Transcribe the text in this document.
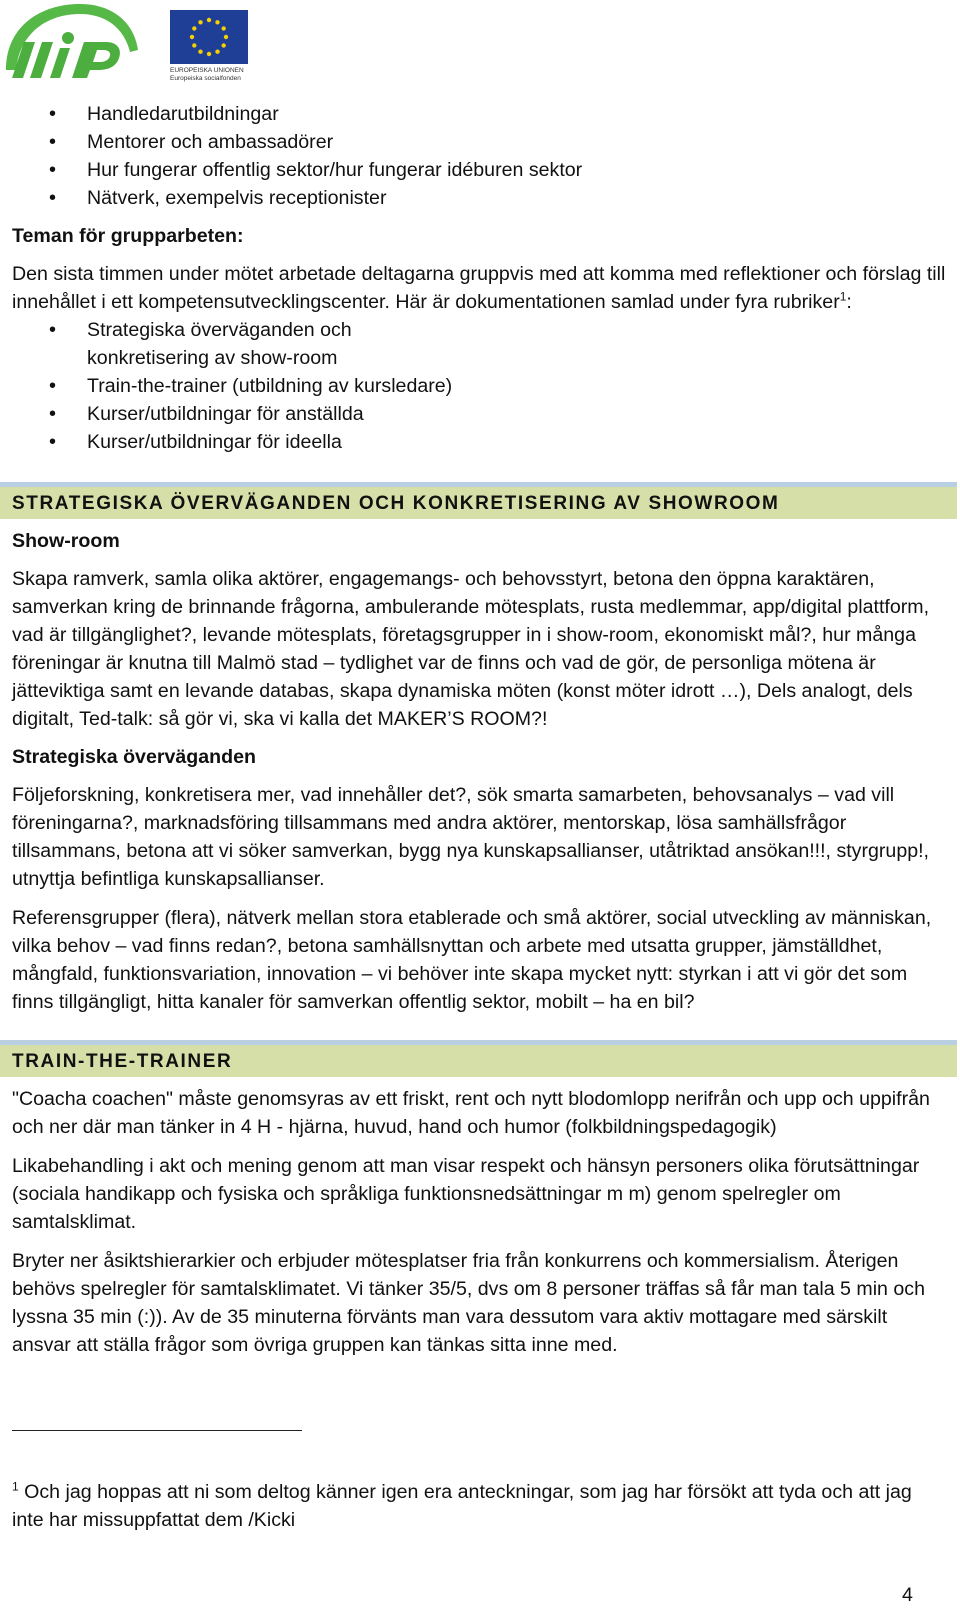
EUROPEISKA UNIONEN
Europeiska socialfonden
• Handledarutbildningar
• Mentorer och ambassadörer
• Hur fungerar offentlig sektor/hur fungerar idéburen sektor
• Nätverk, exempelvis receptionister
Teman för grupparbeten:

Den sista timmen under mötet arbetade deltagarna gruppvis med att komma med reflektioner och förslag till innehållet i ett kompetensutvecklingscenter. Här är dokumentationen samlad under fyra rubriker$^1$:

• Strategiska överväganden och
konkretisering av show-room
• Train-the-trainer (utbildning av kursledare)
• Kurser/utbildningar för anställda
• Kurser/utbildningar för ideella
STRATEGISKA ÖVERVÄGANDEN OCH KONKRETISERING AV SHOWROOM
Show-room

Skapa ramverk, samla olika aktörer, engagemangs- och behovsstyrt, betona den öppna karaktären, samverkan kring de brinnande frågorna, ambulerande mötesplats, rusta medlemmar, app/digital plattform, vad är tillgänglighet?, levande mötesplats, företagsgrupper in i show-room, ekonomiskt mål?, hur många föreningar är knutna till Malmö stad – tydlighet var de finns och vad de gör, de personliga mötena är jätteviktiga samt en levande databas, skapa dynamiska möten (konst möter idrott …), Dels analogt, dels digitalt, Ted-talk: så gör vi, ska vi kalla det MAKER’S ROOM?!

Strategiska överväganden

Följeforskning, konkretisera mer, vad innehåller det?, sök smarta samarbeten, behovsanalys – vad vill föreningarna?, marknadsföring tillsammans med andra aktörer, mentorskap, lösa samhällsfrågor tillsammans, betona att vi söker samverkan, bygg nya kunskapsallianser, utåtriktad ansökan!!!, styrgrupp!, utnyttja befintliga kunskapsallianser.

Referensgrupper (flera), nätverk mellan stora etablerade och små aktörer, social utveckling av människan, vilka behov – vad finns redan?, betona samhällsnyttan och arbete med utsatta grupper, jämställdhet, mångfald, funktionsvariation, innovation – vi behöver inte skapa mycket nytt: styrkan i att vi gör det som finns tillgängligt, hitta kanaler för samverkan offentlig sektor, mobilt – ha en bil?

TRAIN-THE-TRAINER

"Coacha coachen" måste genomsyras av ett friskt, rent och nytt blodomlopp nerifrån och upp och uppifrån och ner där man tänker in 4 H - hjärna, huvud, hand och humor (folkbildningspedagogik)

Likabehandling i akt och mening genom att man visar respekt och hänsyn personers olika förutsättningar (sociala handikapp och fysiska och språkliga funktionsnedsättningar m m) genom spelregler om samtalsklimat.

Bryter ner åsiktshierarkier och erbjuder mötesplatser fria från konkurrens och kommersialism. Återigen behövs spelregler för samtalsklimatet. Vi tänker 35/5, dvs om 8 personer träffas så får man tala 5 min och lyssna 35 min (:)). Av de 35 minuterna förvänts man vara dessutom vara aktiv mottagare med särskilt ansvar att ställa frågor som övriga gruppen kan tänkas sitta inne med.

$^1$ Och jag hoppas att ni som deltog känner igen era anteckningar, som jag har försökt att tyda och att jag inte har missuppfattat dem /Kicki
4
